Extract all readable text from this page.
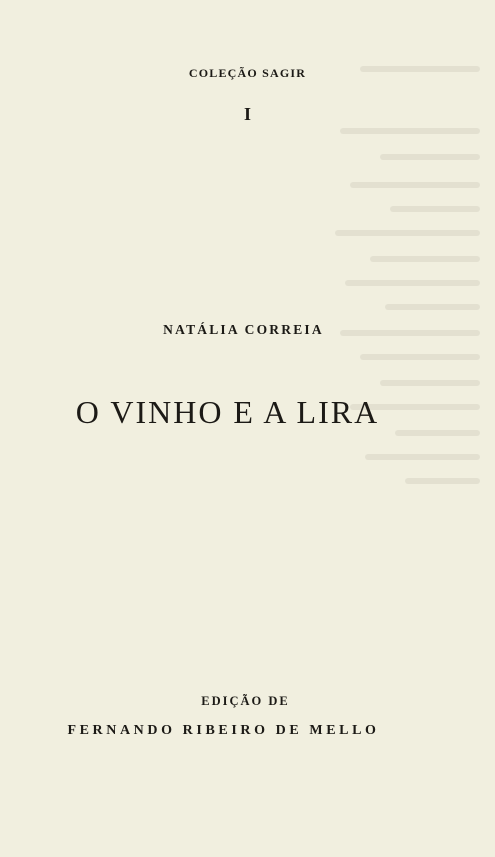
COLEÇÃO SAGIR
I
NATÁLIA CORREIA
O VINHO E A LIRA
EDIÇÃO DE
FERNANDO RIBEIRO DE MELLO
